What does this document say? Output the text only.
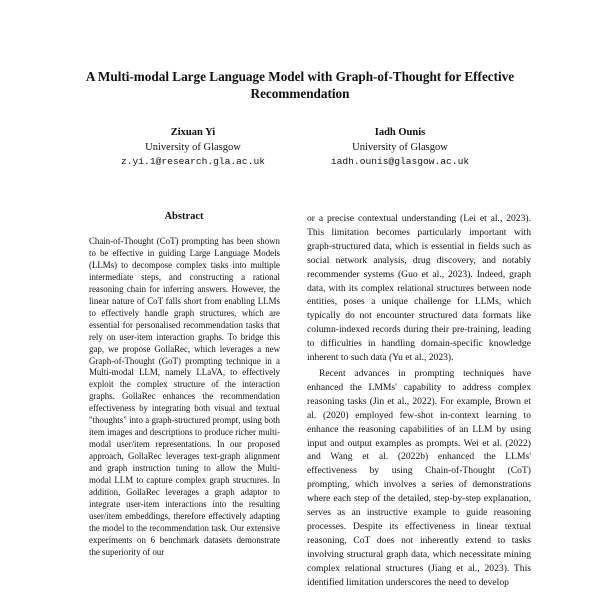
A Multi-modal Large Language Model with Graph-of-Thought for Effective Recommendation
Zixuan Yi
University of Glasgow
z.yi.1@research.gla.ac.uk
Iadh Ounis
University of Glasgow
iadh.ounis@glasgow.ac.uk
Abstract
Chain-of-Thought (CoT) prompting has been shown to be effective in guiding Large Language Models (LLMs) to decompose complex tasks into multiple intermediate steps, and constructing a rational reasoning chain for inferring answers. However, the linear nature of CoT falls short from enabling LLMs to effectively handle graph structures, which are essential for personalised recommendation tasks that rely on user-item interaction graphs. To bridge this gap, we propose GollaRec, which leverages a new Graph-of-Thought (GoT) prompting technique in a Multi-modal LLM, namely LLaVA, to effectively exploit the complex structure of the interaction graphs. GollaRec enhances the recommendation effectiveness by integrating both visual and textual "thoughts" into a graph-structured prompt, using both item images and descriptions to produce richer multi-modal user/item representations. In our proposed approach, GollaRec leverages text-graph alignment and graph instruction tuning to allow the Multi-modal LLM to capture complex graph structures. In addition, GollaRec leverages a graph adaptor to integrate user-item interactions into the resulting user/item embeddings, therefore effectively adapting the model to the recommendation task. Our extensive experiments on 6 benchmark datasets demonstrate the superiority of our

or a precise contextual understanding (Lei et al., 2023). This limitation becomes particularly important with graph-structured data, which is essential in fields such as social network analysis, drug discovery, and notably recommender systems (Guo et al., 2023). Indeed, graph data, with its complex relational structures between node entities, poses a unique challenge for LLMs, which typically do not encounter structured data formats like column-indexed records during their pre-training, leading to difficulties in handling domain-specific knowledge inherent to such data (Yu et al., 2023).

Recent advances in prompting techniques have enhanced the LMMs' capability to address complex reasoning tasks (Jin et al., 2022). For example, Brown et al. (2020) employed few-shot in-context learning to enhance the reasoning capabilities of an LLM by using input and output examples as prompts. Wei et al. (2022) and Wang et al. (2022b) enhanced the LLMs' effectiveness by using Chain-of-Thought (CoT) prompting, which involves a series of demonstrations where each step of the detailed, step-by-step explanation, serves as an instructive example to guide reasoning processes. Despite its effectiveness in linear textual reasoning, CoT does not inherently extend to tasks involving structural graph data, which necessitate mining complex relational structures (Jiang et al., 2023). This identified limitation underscores the need to develop
